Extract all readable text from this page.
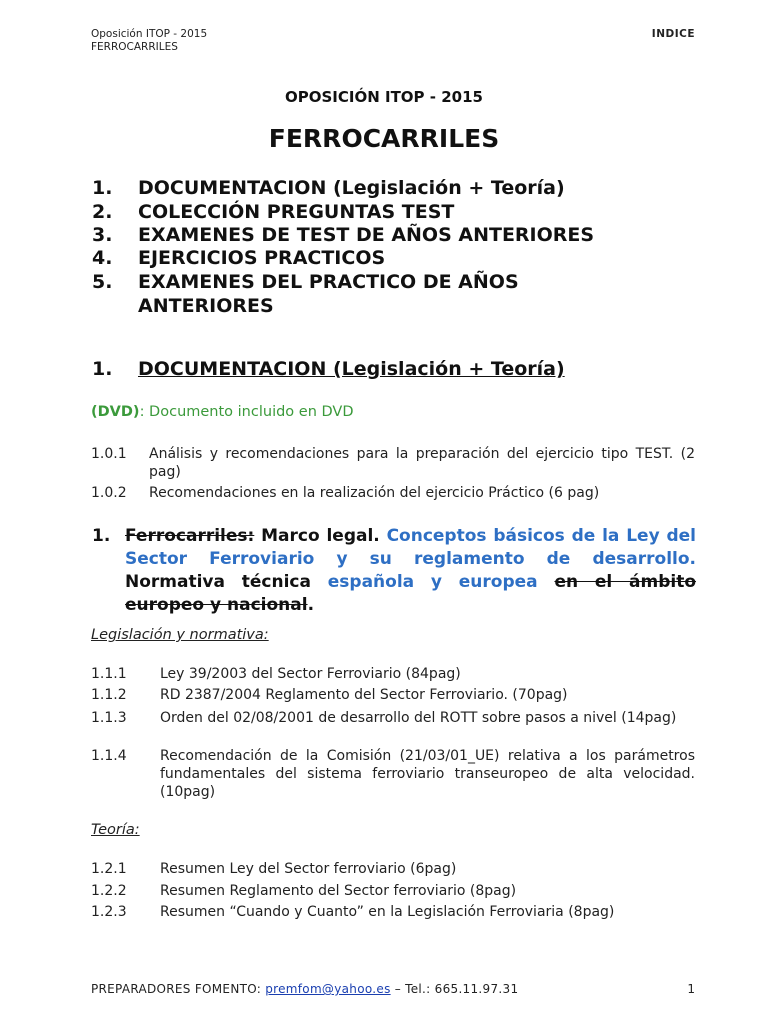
Oposición ITOP - 2015
FERROCARRILES
INDICE
OPOSICIÓN ITOP - 2015
FERROCARRILES
1. DOCUMENTACION (Legislación + Teoría)
2. COLECCIÓN PREGUNTAS TEST
3. EXAMENES DE TEST DE AÑOS ANTERIORES
4. EJERCICIOS PRACTICOS
5. EXAMENES DEL PRACTICO DE AÑOS
ANTERIORES
1. DOCUMENTACION (Legislación + Teoría)
(DVD): Documento incluido en DVD
1.0.1 Análisis y recomendaciones para la preparación del ejercicio tipo TEST. (2 pag)
1.0.2 Recomendaciones en la realización del ejercicio Práctico (6 pag)
1. Ferrocarriles: Marco legal. Conceptos básicos de la Ley del Sector Ferroviario y su reglamento de desarrollo. Normativa técnica española y europea en el ámbito europeo y nacional.
Legislación y normativa:
1.1.1 Ley 39/2003 del Sector Ferroviario (84pag)
1.1.2 RD 2387/2004 Reglamento del Sector Ferroviario. (70pag)
1.1.3 Orden del 02/08/2001 de desarrollo del ROTT sobre pasos a nivel (14pag)
1.1.4 Recomendación de la Comisión (21/03/01_UE) relativa a los parámetros fundamentales del sistema ferroviario transeuropeo de alta velocidad. (10pag)
Teoría:
1.2.1 Resumen Ley del Sector ferroviario (6pag)
1.2.2 Resumen Reglamento del Sector ferroviario (8pag)
1.2.3 Resumen “Cuando y Cuanto” en la Legislación Ferroviaria (8pag)
PREPARADORES FOMENTO: premfom@yahoo.es – Tel.: 665.11.97.31	1
